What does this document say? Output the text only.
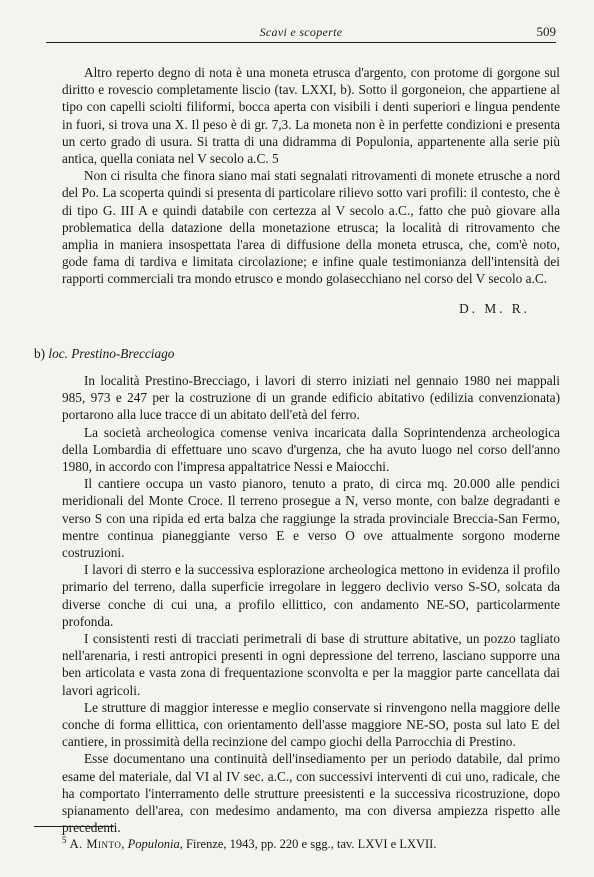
Scavi e scoperte	509

Altro reperto degno di nota è una moneta etrusca d'argento, con protome di gorgone sul diritto e rovescio completamente liscio (tav. LXXI, b). Sotto il gorgoneion, che appartiene al tipo con capelli sciolti filiformi, bocca aperta con visibili i denti superiori e lingua pendente in fuori, si trova una X. Il peso è di gr. 7,3. La moneta non è in perfette condizioni e presenta un certo grado di usura. Si tratta di una didramma di Populonia, appartenente alla serie più antica, quella coniata nel V secolo a.C. 5

Non ci risulta che finora siano mai stati segnalati ritrovamenti di monete etrusche a nord del Po. La scoperta quindi si presenta di particolare rilievo sotto vari profili: il contesto, che è di tipo G. III A e quindi databile con certezza al V secolo a.C., fatto che può giovare alla problematica della datazione della monetazione etrusca; la località di ritrovamento che amplia in maniera insospettata l'area di diffusione della moneta etrusca, che, com'è noto, gode fama di tardiva e limitata circolazione; e infine quale testimonianza dell'intensità dei rapporti commerciali tra mondo etrusco e mondo golasecchiano nel corso del V secolo a.C.

D. M. R.
b) loc. Prestino-Brecciago

In località Prestino-Brecciago, i lavori di sterro iniziati nel gennaio 1980 nei mappali 985, 973 e 247 per la costruzione di un grande edificio abitativo (edilizia convenzionata) portarono alla luce tracce di un abitato dell'età del ferro.

La società archeologica comense veniva incaricata dalla Soprintendenza archeologica della Lombardia di effettuare uno scavo d'urgenza, che ha avuto luogo nel corso dell'anno 1980, in accordo con l'impresa appaltatrice Nessi e Maiocchi.

Il cantiere occupa un vasto pianoro, tenuto a prato, di circa mq. 20.000 alle pendici meridionali del Monte Croce. Il terreno prosegue a N, verso monte, con balze degradanti e verso S con una ripida ed erta balza che raggiunge la strada provinciale Breccia-San Fermo, mentre continua pianeggiante verso E e verso O ove attualmente sorgono moderne costruzioni.

I lavori di sterro e la successiva esplorazione archeologica mettono in evidenza il profilo primario del terreno, dalla superficie irregolare in leggero declivio verso S-SO, solcata da diverse conche di cui una, a profilo ellittico, con andamento NE-SO, particolarmente profonda.

I consistenti resti di tracciati perimetrali di base di strutture abitative, un pozzo tagliato nell'arenaria, i resti antropici presenti in ogni depressione del terreno, lasciano supporre una ben articolata e vasta zona di frequentazione sconvolta e per la maggior parte cancellata dai lavori agricoli.

Le strutture di maggior interesse e meglio conservate si rinvengono nella maggiore delle conche di forma ellittica, con orientamento dell'asse maggiore NE-SO, posta sul lato E del cantiere, in prossimità della recinzione del campo giochi della Parrocchia di Prestino.

Esse documentano una continuità dell'insediamento per un periodo databile, dal primo esame del materiale, dal VI al IV sec. a.C., con successivi interventi di cui uno, radicale, che ha comportato l'interramento delle strutture preesistenti e la successiva ricostruzione, dopo spianamento dell'area, con medesimo andamento, ma con diversa ampiezza rispetto alle precedenti.

$^5$ A. Minto, Populonia, Firenze, 1943, pp. 220 e sgg., tav. LXVI e LXVII.
